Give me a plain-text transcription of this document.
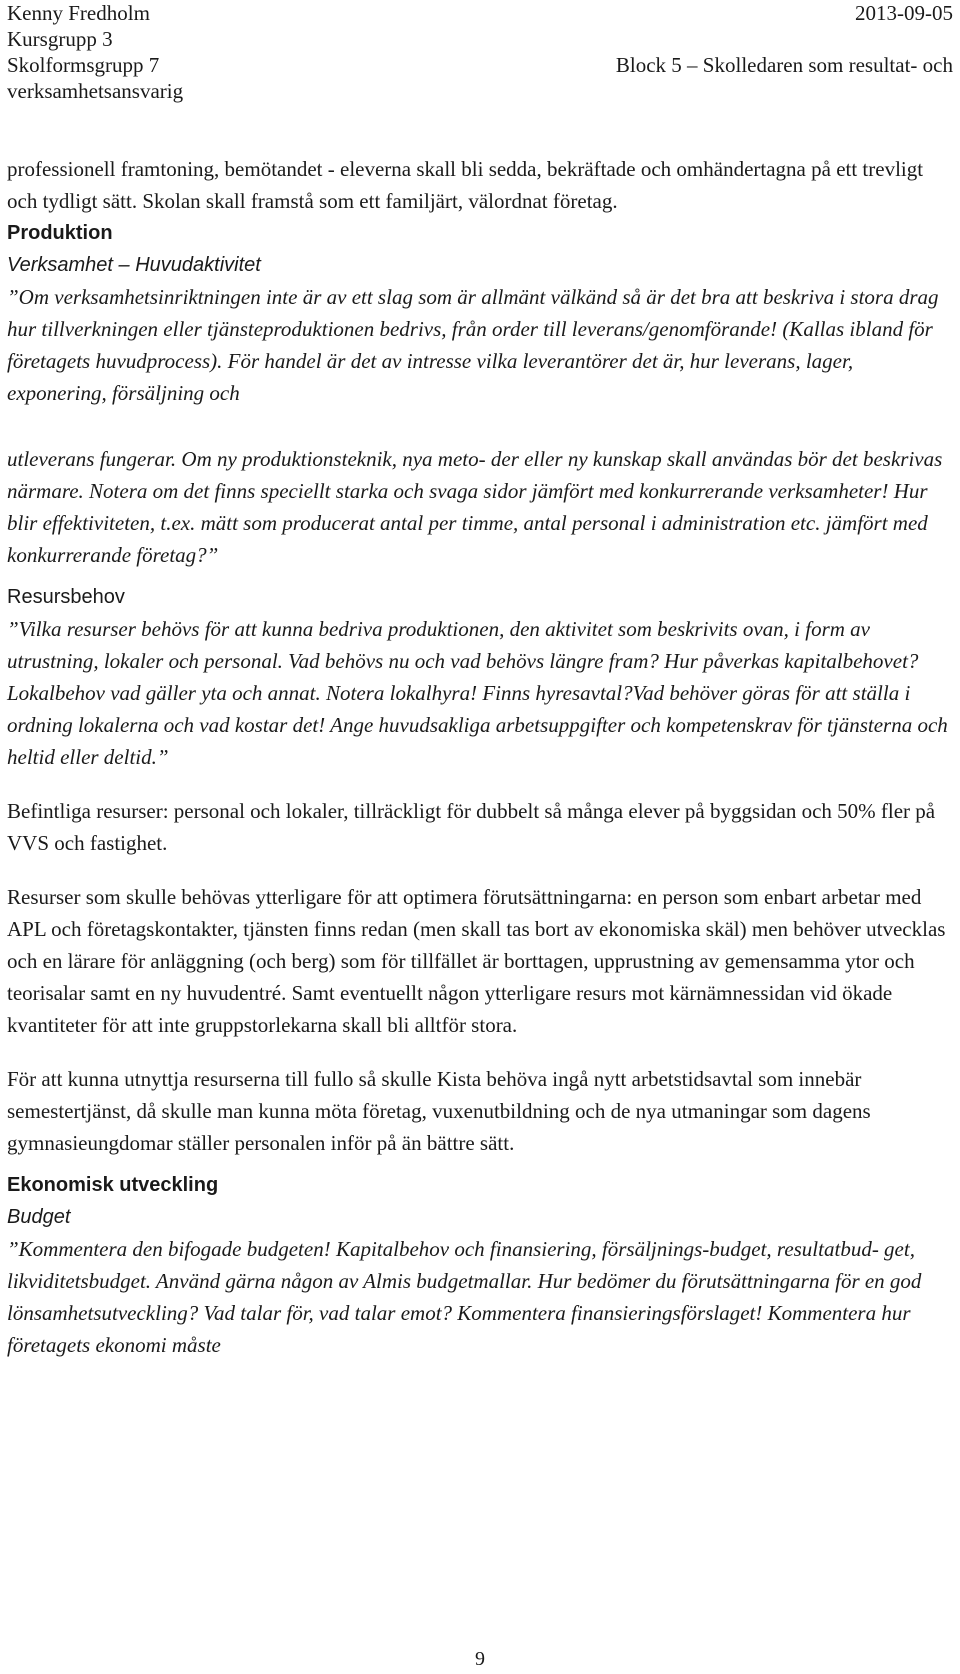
Kenny Fredholm
Kursgrupp 3
Skolformsgrupp 7
verksamhetsansvarig
2013-09-05
Block 5 – Skolledaren som resultat- och

professionell framtoning, bemötandet - eleverna skall bli sedda, bekräftade och omhändertagna på ett trevligt och tydligt sätt. Skolan skall framstå som ett familjärt, välordnat företag.

Produktion

Verksamhet – Huvudaktivitet

”Om verksamhetsinriktningen inte är av ett slag som är allmänt välkänd så är det bra att beskriva i stora drag hur tillverkningen eller tjänsteproduktionen bedrivs, från order till leverans/genomförande! (Kallas ibland för företagets huvudprocess). För handel är det av intresse vilka leverantörer det är, hur leverans, lager, exponering, försäljning och

utleverans fungerar. Om ny produktionsteknik, nya meto- der eller ny kunskap skall användas bör det beskrivas närmare. Notera om det finns speciellt starka och svaga sidor jämfört med konkurrerande verksamheter! Hur blir effektiviteten, t.ex. mätt som producerat antal per timme, antal personal i administration etc. jämfört med konkurrerande företag?”

Resursbehov

”Vilka resurser behövs för att kunna bedriva produktionen, den aktivitet som beskrivits ovan, i form av utrustning, lokaler och personal. Vad behövs nu och vad behövs längre fram? Hur påverkas kapitalbehovet? Lokalbehov vad gäller yta och annat. Notera lokalhyra! Finns hyresavtal?Vad behöver göras för att ställa i ordning lokalerna och vad kostar det! Ange huvudsakliga arbetsuppgifter och kompetenskrav för tjänsterna och heltid eller deltid.”

Befintliga resurser: personal och lokaler, tillräckligt för dubbelt så många elever på byggsidan och 50% fler på VVS och fastighet.

Resurser som skulle behövas ytterligare för att optimera förutsättningarna: en person som enbart arbetar med APL och företagskontakter, tjänsten finns redan (men skall tas bort av ekonomiska skäl) men behöver utvecklas och en lärare för anläggning (och berg) som för tillfället är borttagen, upprustning av gemensamma ytor och teorisalar samt en ny huvudentré. Samt eventuellt någon ytterligare resurs mot kärnämnessidan vid ökade kvantiteter för att inte gruppstorlekarna skall bli alltför stora.

För att kunna utnyttja resurserna till fullo så skulle Kista behöva ingå nytt arbetstidsavtal som innebär semestertjänst, då skulle man kunna möta företag, vuxenutbildning och de nya utmaningar som dagens gymnasieungdomar ställer personalen inför på än bättre sätt.

Ekonomisk utveckling

Budget

”Kommentera den bifogade budgeten! Kapitalbehov och finansiering, försäljnings-budget, resultatbud- get, likviditetsbudget. Använd gärna någon av Almis budgetmallar. Hur bedömer du förutsättningarna för en god lönsamhetsutveckling? Vad talar för, vad talar emot? Kommentera finansieringsförslaget! Kommentera hur företagets ekonomi måste

9
